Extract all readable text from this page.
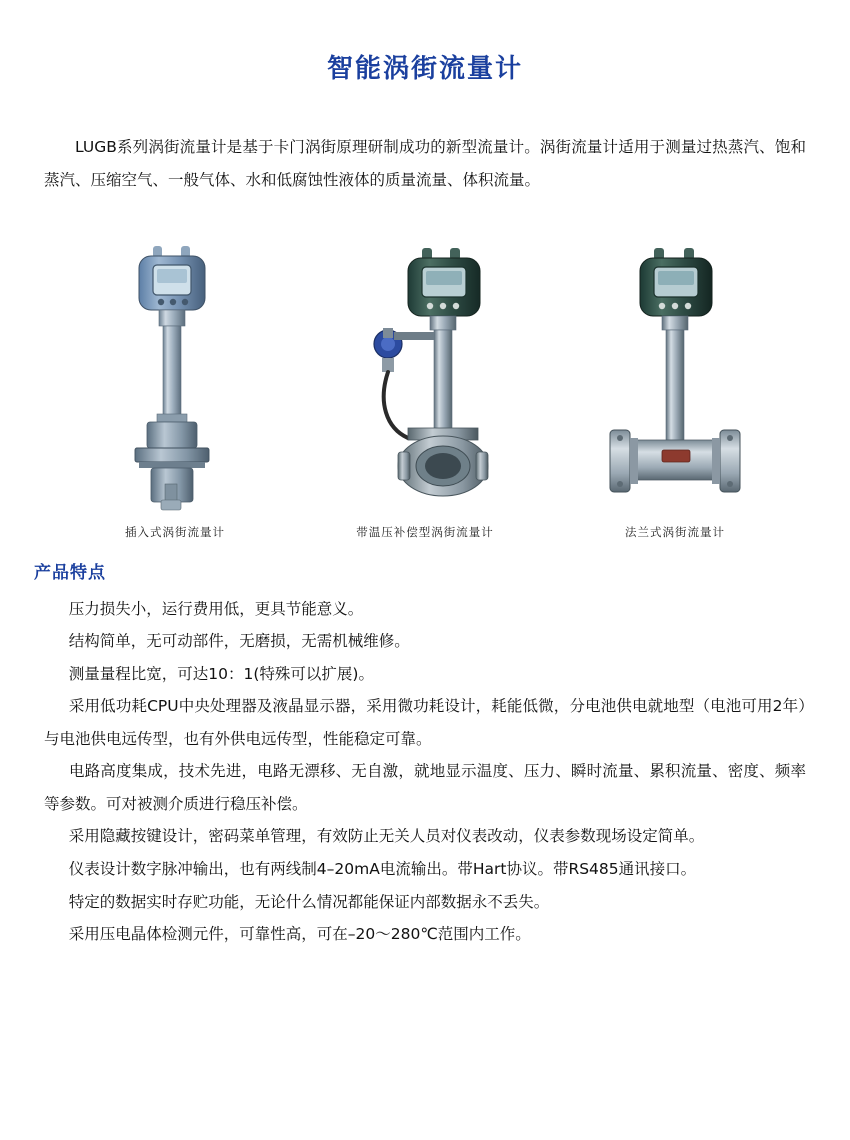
智能涡街流量计

LUGB系列涡街流量计是基于卡门涡街原理研制成功的新型流量计。涡街流量计适用于测量过热蒸汽、饱和蒸汽、压缩空气、一般气体、水和低腐蚀性液体的质量流量、体积流量。

插入式涡街流量计	带温压补偿型涡街流量计	法兰式涡街流量计
产品特点
压力损失小，运行费用低，更具节能意义。
结构简单，无可动部件，无磨损，无需机械维修。
测量量程比宽，可达10：1(特殊可以扩展)。
采用低功耗CPU中央处理器及液晶显示器，采用微功耗设计，耗能低微，分电池供电就地型（电池可用2年）与电池供电远传型，也有外供电远传型，性能稳定可靠。
电路高度集成，技术先进，电路无漂移、无自激，就地显示温度、压力、瞬时流量、累积流量、密度、频率等参数。可对被测介质进行稳压补偿。
采用隐藏按键设计，密码菜单管理，有效防止无关人员对仪表改动，仪表参数现场设定简单。
仪表设计数字脉冲输出，也有两线制4–20mA电流输出。带Hart协议。带RS485通讯接口。
特定的数据实时存贮功能，无论什么情况都能保证内部数据永不丢失。
采用压电晶体检测元件，可靠性高，可在–20～280℃范围内工作。
